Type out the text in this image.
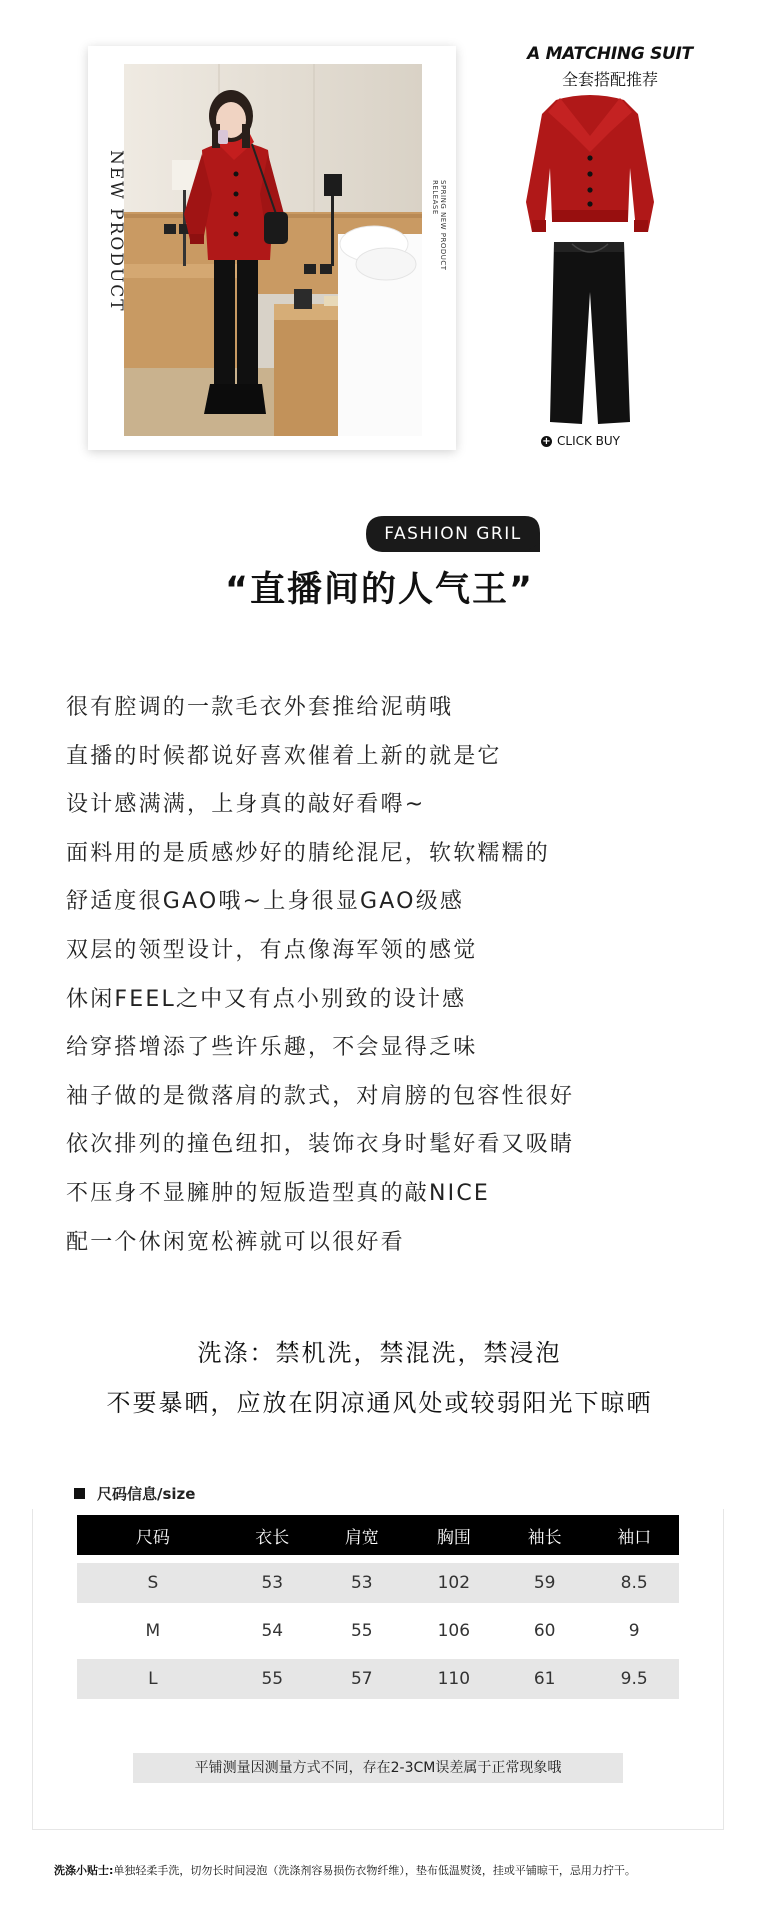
NEW PRODUCT	SPRING NEW PRODUCT RELEASE
A MATCHING SUIT
全套搭配推荐
+ CLICK BUY
FASHION GRIL
“直播间的人气王”
很有腔调的一款毛衣外套推给泥萌哦
直播的时候都说好喜欢催着上新的就是它
设计感满满，上身真的敲好看嘚~
面料用的是质感炒好的腈纶混尼，软软糯糯的
舒适度很GAO哦~上身很显GAO级感
双层的领型设计，有点像海军领的感觉
休闲FEEL之中又有点小别致的设计感
给穿搭增添了些许乐趣，不会显得乏味
袖子做的是微落肩的款式，对肩膀的包容性很好
依次排列的撞色纽扣，装饰衣身时髦好看又吸睛
不压身不显臃肿的短版造型真的敲NICE
配一个休闲宽松裤就可以很好看
洗涤：禁机洗，禁混洗，禁浸泡
不要暴晒，应放在阴凉通风处或较弱阳光下晾晒
尺码信息/size
尺码	衣长	肩宽	胸围	袖长	袖口

S	53	53	102	59	8.5

M	54	55	106	60	9

L	55	57	110	61	9.5
平铺测量因测量方式不同，存在2-3CM误差属于正常现象哦
洗涤小贴士:单独轻柔手洗，切勿长时间浸泡（洗涤剂容易损伤衣物纤维），垫布低温熨烫，挂或平铺晾干，忌用力拧干。
